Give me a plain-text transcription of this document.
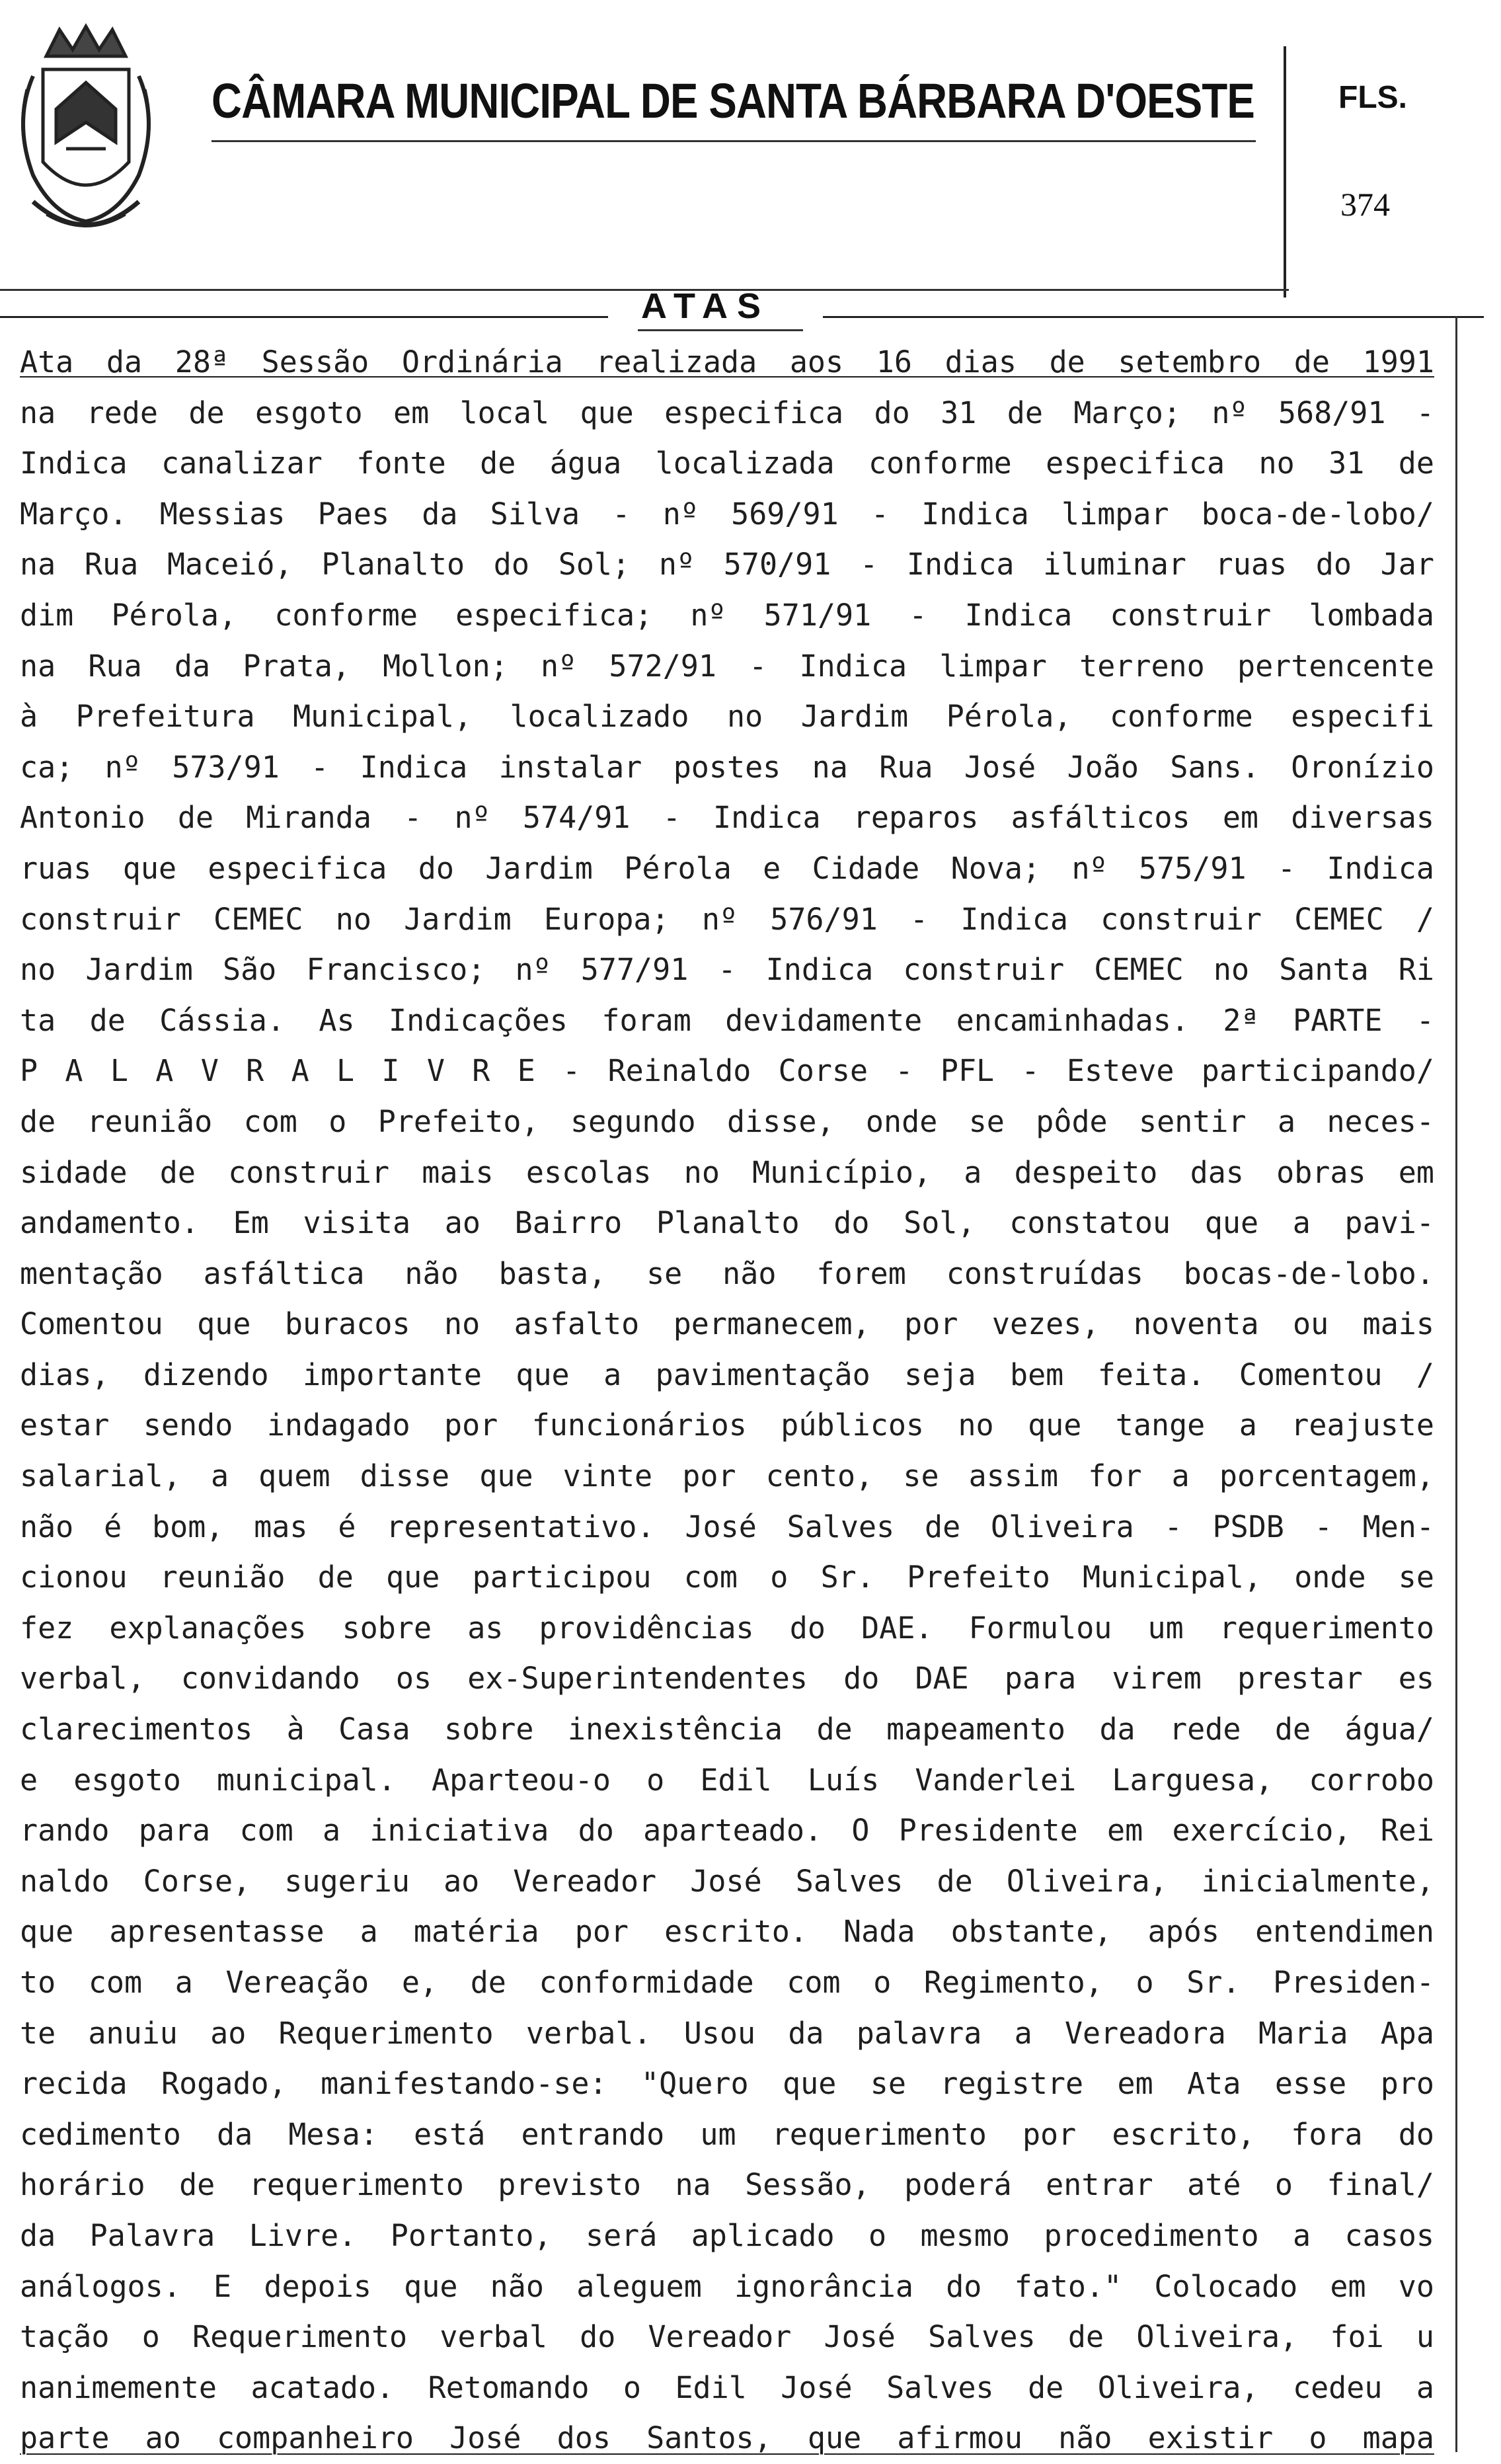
CÂMARA MUNICIPAL DE SANTA BÁRBARA D'OESTE	FLS.
374
ATAS
Ata da 28ª Sessão Ordinária realizada aos 16 dias de setembro de 1991
na rede de esgoto em local que especifica do 31 de Março; nº 568/91 -
Indica canalizar fonte de água localizada conforme especifica no 31 de
Março. Messias Paes da Silva - nº 569/91 - Indica limpar boca-de-lobo/
na Rua Maceió, Planalto do Sol; nº 570/91 - Indica iluminar ruas do Jar
dim Pérola, conforme especifica; nº 571/91 - Indica construir lombada
na Rua da Prata, Mollon; nº 572/91 - Indica limpar terreno pertencente
à Prefeitura Municipal, localizado no Jardim Pérola, conforme especifi
ca; nº 573/91 - Indica instalar postes na Rua José João Sans. Oronízio
Antonio de Miranda - nº 574/91 - Indica reparos asfálticos em diversas
ruas que especifica do Jardim Pérola e Cidade Nova; nº 575/91 - Indica
construir CEMEC no Jardim Europa; nº 576/91 - Indica construir CEMEC /
no Jardim São Francisco; nº 577/91 - Indica construir CEMEC no Santa Ri
ta de Cássia. As Indicações foram devidamente encaminhadas. 2ª PARTE -
P A L A V R A L I V R E - Reinaldo Corse - PFL - Esteve participando/
de reunião com o Prefeito, segundo disse, onde se pôde sentir a neces-
sidade de construir mais escolas no Município, a despeito das obras em
andamento. Em visita ao Bairro Planalto do Sol, constatou que a pavi-
mentação asfáltica não basta, se não forem construídas bocas-de-lobo.
Comentou que buracos no asfalto permanecem, por vezes, noventa ou mais
dias, dizendo importante que a pavimentação seja bem feita. Comentou /
estar sendo indagado por funcionários públicos no que tange a reajuste
salarial, a quem disse que vinte por cento, se assim for a porcentagem,
não é bom, mas é representativo. José Salves de Oliveira - PSDB - Men-
cionou reunião de que participou com o Sr. Prefeito Municipal, onde se
fez explanações sobre as providências do DAE. Formulou um requerimento
verbal, convidando os ex-Superintendentes do DAE para virem prestar es
clarecimentos à Casa sobre inexistência de mapeamento da rede de água/
e esgoto municipal. Aparteou-o o Edil Luís Vanderlei Larguesa, corrobo
rando para com a iniciativa do aparteado. O Presidente em exercício, Rei
naldo Corse, sugeriu ao Vereador José Salves de Oliveira, inicialmente,
que apresentasse a matéria por escrito. Nada obstante, após entendimen
to com a Vereação e, de conformidade com o Regimento, o Sr. Presiden-
te anuiu ao Requerimento verbal. Usou da palavra a Vereadora Maria Apa
recida Rogado, manifestando-se: "Quero que se registre em Ata esse pro
cedimento da Mesa: está entrando um requerimento por escrito, fora do
horário de requerimento previsto na Sessão, poderá entrar até o final/
da Palavra Livre. Portanto, será aplicado o mesmo procedimento a casos
análogos. E depois que não aleguem ignorância do fato." Colocado em vo
tação o Requerimento verbal do Vereador José Salves de Oliveira, foi u
nanimemente acatado. Retomando o Edil José Salves de Oliveira, cedeu a
parte ao companheiro José dos Santos, que afirmou não existir o mapa
